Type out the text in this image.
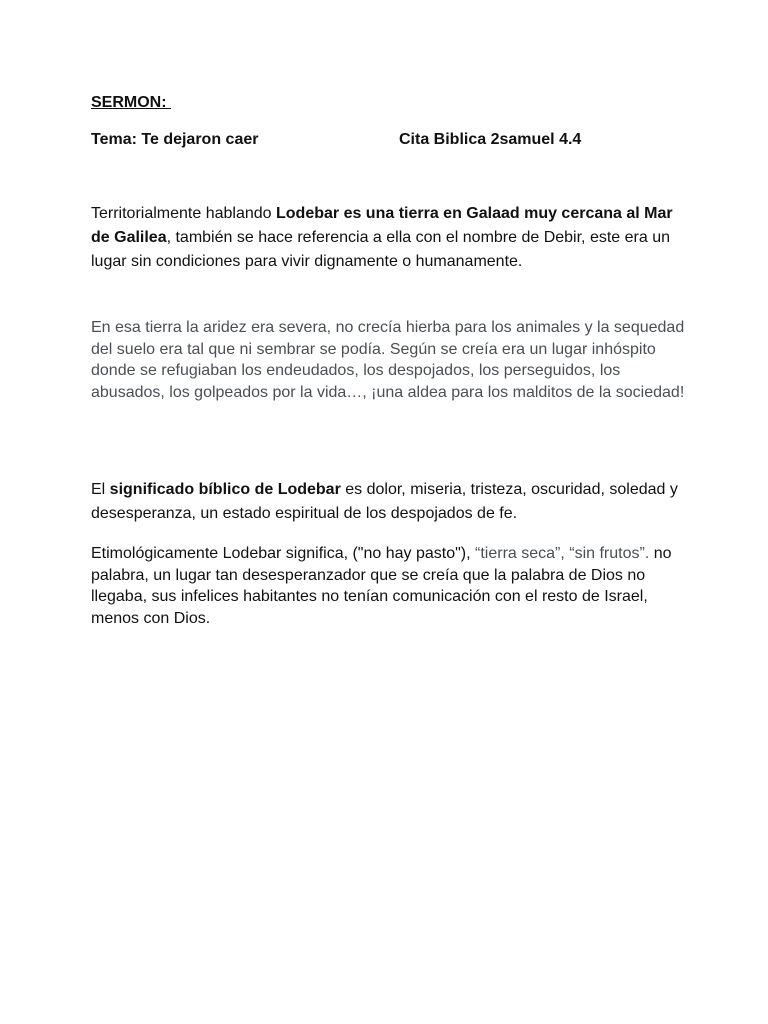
SERMON:

Tema: Te dejaron caer	Cita Biblica 2samuel 4.4

Territorialmente hablando Lodebar es una tierra en Galaad muy cercana al Mar de Galilea, también se hace referencia a ella con el nombre de Debir, este era un lugar sin condiciones para vivir dignamente o humanamente.

En esa tierra la aridez era severa, no crecía hierba para los animales y la sequedad del suelo era tal que ni sembrar se podía. Según se creía era un lugar inhóspito donde se refugiaban los endeudados, los despojados, los perseguidos, los abusados, los golpeados por la vida…, ¡una aldea para los malditos de la sociedad!

El significado bíblico de Lodebar es dolor, miseria, tristeza, oscuridad, soledad y desesperanza, un estado espiritual de los despojados de fe.

Etimológicamente Lodebar significa, ("no hay pasto"), “tierra seca”, “sin frutos”. no palabra, un lugar tan desesperanzador que se creía que la palabra de Dios no llegaba, sus infelices habitantes no tenían comunicación con el resto de Israel, menos con Dios.
